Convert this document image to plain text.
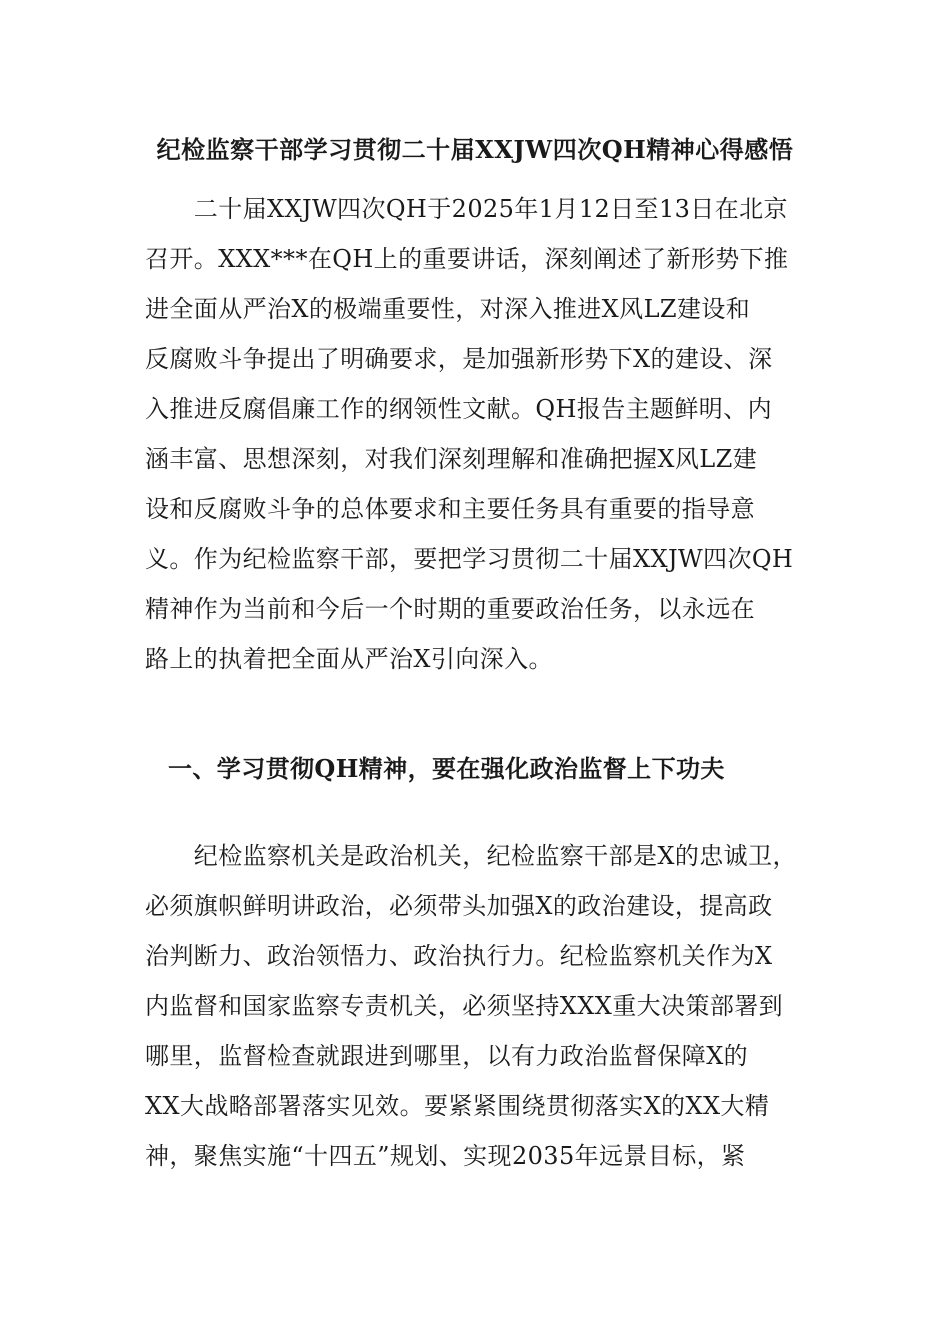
纪检监察干部学习贯彻二十届XXJW四次QH精神心得感悟
　　二十届XXJW四次QH于2025年1月12日至13日在北京
召开。XXX***在QH上的重要讲话，深刻阐述了新形势下推
进全面从严治X的极端重要性，对深入推进X风LZ建设和
反腐败斗争提出了明确要求，是加强新形势下X的建设、深
入推进反腐倡廉工作的纲领性文献。QH报告主题鲜明、内
涵丰富、思想深刻，对我们深刻理解和准确把握X风LZ建
设和反腐败斗争的总体要求和主要任务具有重要的指导意
义。作为纪检监察干部，要把学习贯彻二十届XXJW四次QH
精神作为当前和今后一个时期的重要政治任务，以永远在
路上的执着把全面从严治X引向深入。
一、学习贯彻QH精神，要在强化政治监督上下功夫
　　纪检监察机关是政治机关，纪检监察干部是X的忠诚卫，
必须旗帜鲜明讲政治，必须带头加强X的政治建设，提高政
治判断力、政治领悟力、政治执行力。纪检监察机关作为X
内监督和国家监察专责机关，必须坚持XXX重大决策部署到
哪里，监督检查就跟进到哪里，以有力政治监督保障X的
XX大战略部署落实见效。要紧紧围绕贯彻落实X的XX大精
神，聚焦实施“十四五”规划、实现2035年远景目标，紧
